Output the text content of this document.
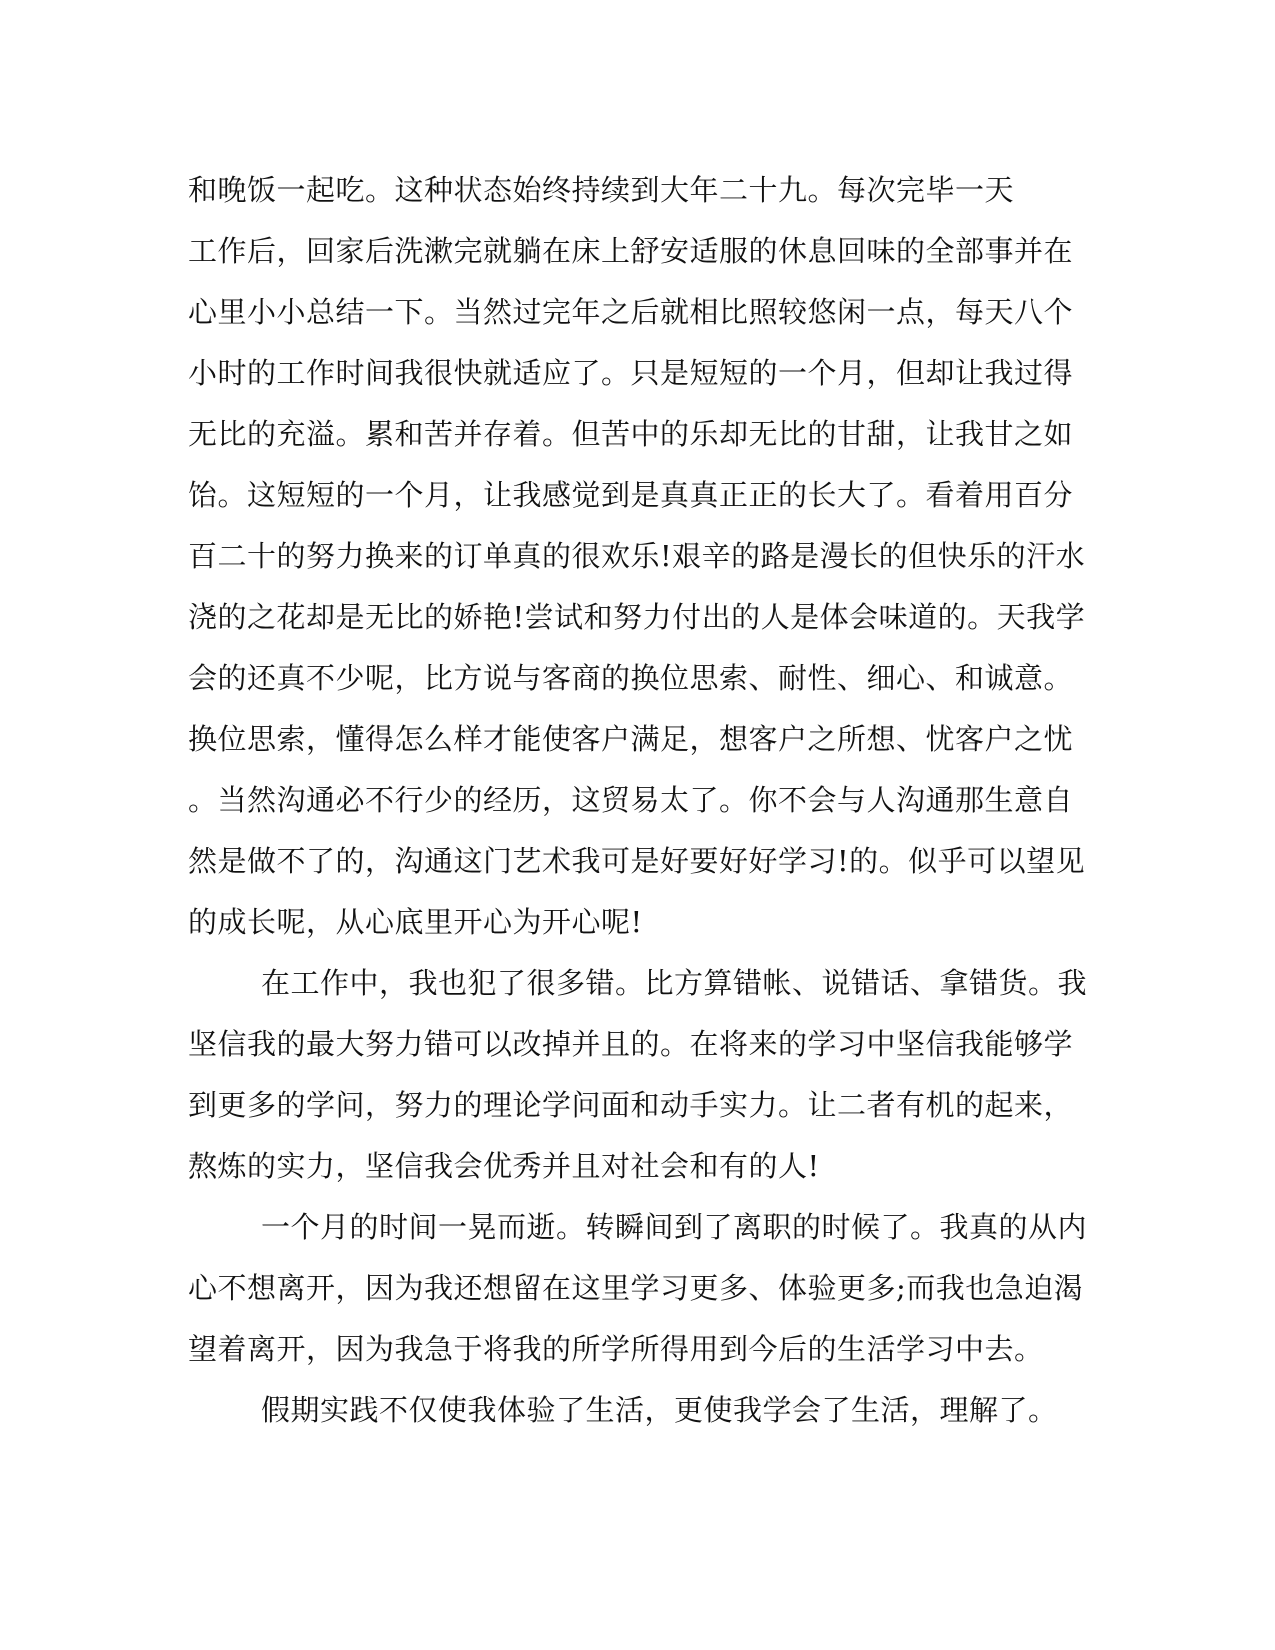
和晚饭一起吃。这种状态始终持续到大年二十九。每次完毕一天
工作后，回家后洗漱完就躺在床上舒安适服的休息回味的全部事并在
心里小小总结一下。当然过完年之后就相比照较悠闲一点，每天八个
小时的工作时间我很快就适应了。只是短短的一个月，但却让我过得
无比的充溢。累和苦并存着。但苦中的乐却无比的甘甜，让我甘之如
饴。这短短的一个月，让我感觉到是真真正正的长大了。看着用百分
百二十的努力换来的订单真的很欢乐!艰辛的路是漫长的但快乐的汗水
浇的之花却是无比的娇艳!尝试和努力付出的人是体会味道的。天我学
会的还真不少呢，比方说与客商的换位思索、耐性、细心、和诚意。
换位思索，懂得怎么样才能使客户满足，想客户之所想、忧客户之忧
。当然沟通必不行少的经历，这贸易太了。你不会与人沟通那生意自
然是做不了的，沟通这门艺术我可是好要好好学习!的。似乎可以望见
的成长呢，从心底里开心为开心呢!
在工作中，我也犯了很多错。比方算错帐、说错话、拿错货。我
坚信我的最大努力错可以改掉并且的。在将来的学习中坚信我能够学
到更多的学问，努力的理论学问面和动手实力。让二者有机的起来，
熬炼的实力，坚信我会优秀并且对社会和有的人!
一个月的时间一晃而逝。转瞬间到了离职的时候了。我真的从内
心不想离开，因为我还想留在这里学习更多、体验更多;而我也急迫渴
望着离开，因为我急于将我的所学所得用到今后的生活学习中去。
假期实践不仅使我体验了生活，更使我学会了生活，理解了。
